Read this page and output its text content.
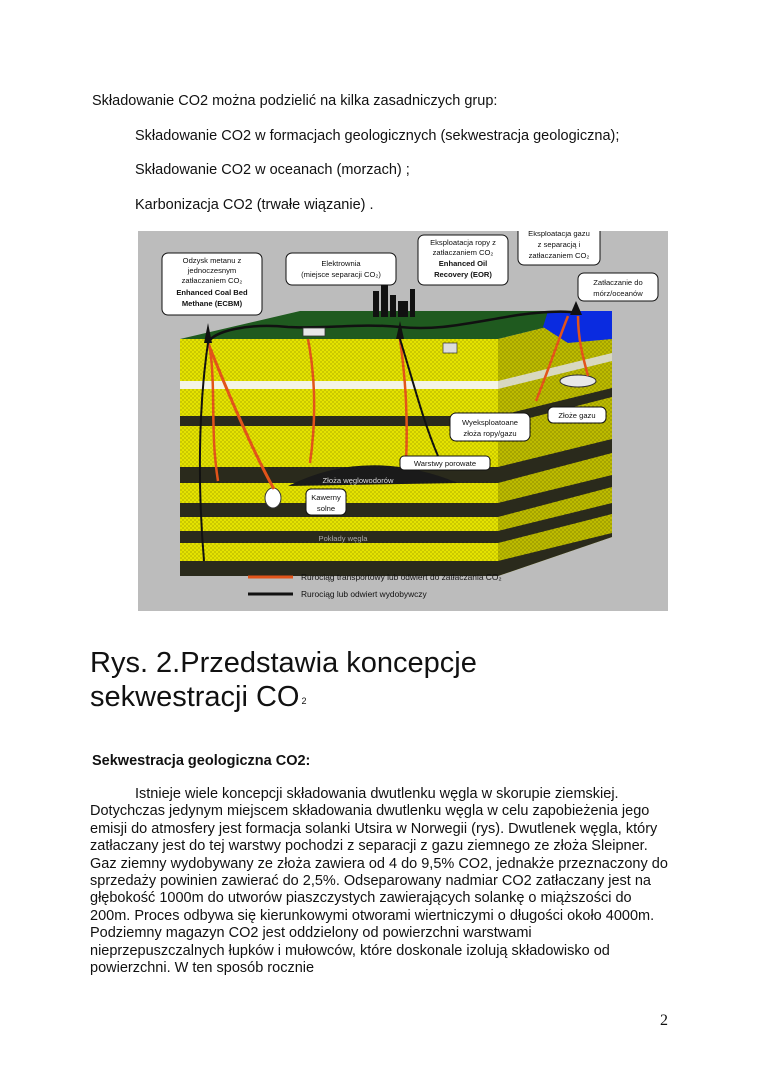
Składowanie CO2 można podzielić na kilka zasadniczych grup:
Składowanie CO2 w formacjach geologicznych (sekwestracja geologiczna);
Składowanie CO2 w oceanach (morzach) ;
Karbonizacja CO2 (trwałe wiązanie) .
Odzysk metanu z
jednoczesnym
zatłaczaniem CO₂
Enhanced Coal Bed
Methane (ECBM)
Elektrownia
(miejsce separacji CO₂)
Eksploatacja ropy z
zatłaczaniem CO₂
Enhanced Oil
Recovery (EOR)
Eksploatacja gazu
z separacją i
zatłaczaniem CO₂
Zatłaczanie do
mórz/oceanów
Wyeksploatoane
złoża ropy/gazu
Złoże gazu
Warstwy porowate
Złoża węglowodorów
Kawerny
solne
Pokłady węgla
Rurociąg transportowy lub odwiert do zatłaczania CO₂
Rurociąg lub odwiert wydobywczy
Rys. 2.Przedstawia koncepcje
sekwestracji CO $_2$
Sekwestracja geologiczna CO2:

Istnieje wiele koncepcji składowania dwutlenku węgla w skorupie ziemskiej. Dotychczas jedynym miejscem składowania dwutlenku węgla w celu zapobieżenia jego emisji do atmosfery jest formacja solanki Utsira w Norwegii (rys). Dwutlenek węgla, który zatłaczany jest do tej warstwy pochodzi z separacji z gazu ziemnego ze złoża Sleipner. Gaz ziemny wydobywany ze złoża zawiera od 4 do 9,5% CO2, jednakże przeznaczony do sprzedaży powinien zawierać do 2,5%. Odseparowany nadmiar CO2 zatłaczany jest na głębokość 1000m do utworów piaszczystych zawierających solankę o miąższości do 200m. Proces odbywa się kierunkowymi otworami wiertniczymi o długości około 4000m. Podziemny magazyn CO2 jest oddzielony od powierzchni warstwami nieprzepuszczalnych łupków i mułowców, które doskonale izolują składowisko od powierzchni. W ten sposób rocznie

2
